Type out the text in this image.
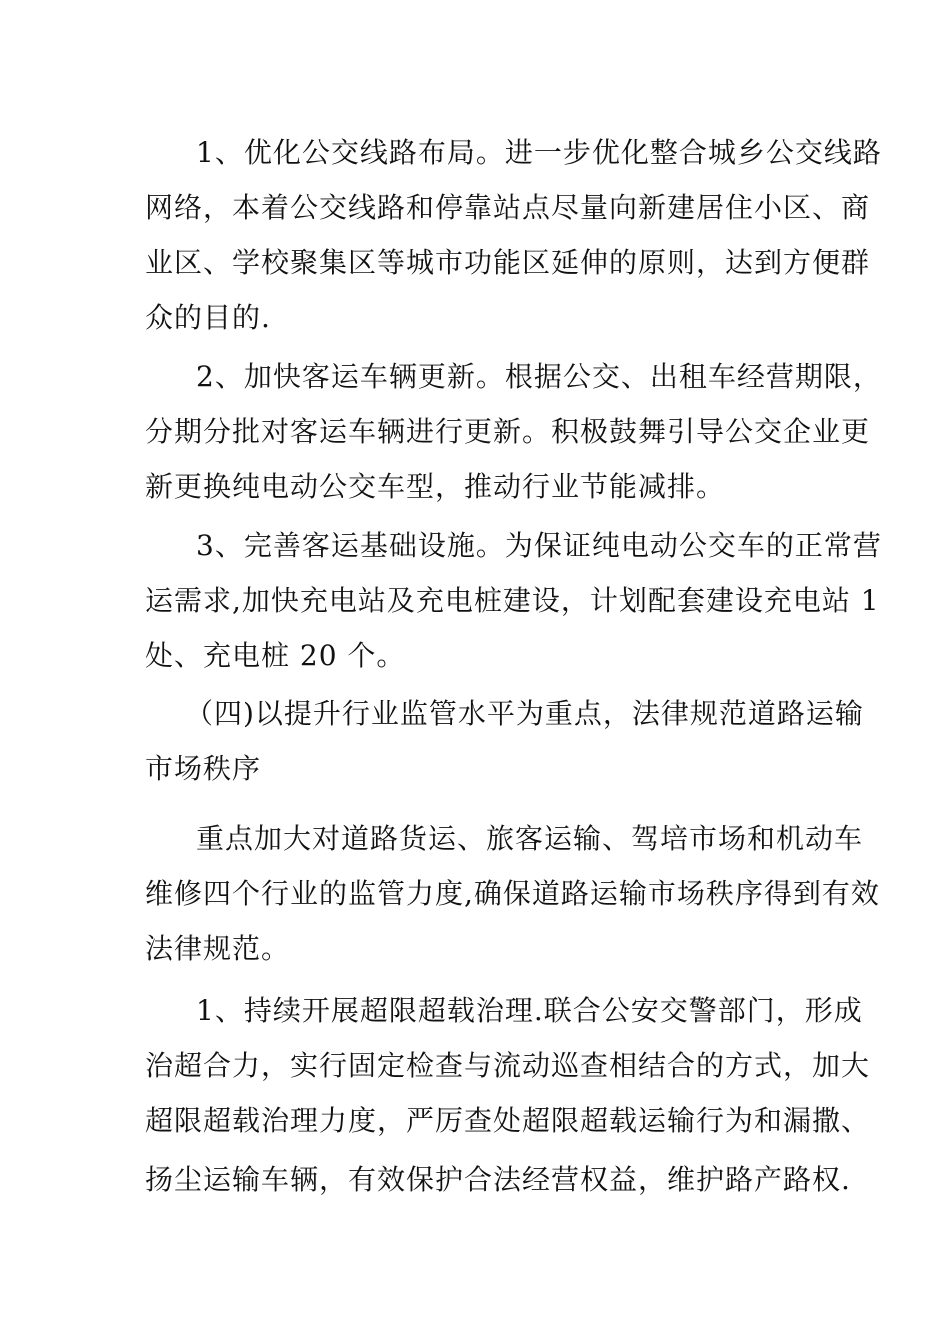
1、优化公交线路布局。进一步优化整合城乡公交线路
网络，本着公交线路和停靠站点尽量向新建居住小区、商
业区、学校聚集区等城市功能区延伸的原则，达到方便群
众的目的.
2、加快客运车辆更新。根据公交、出租车经营期限，
分期分批对客运车辆进行更新。积极鼓舞引导公交企业更
新更换纯电动公交车型，推动行业节能减排。
3、完善客运基础设施。为保证纯电动公交车的正常营
运需求,加快充电站及充电桩建设，计划配套建设充电站 1
处、充电桩 20 个。
（四)以提升行业监管水平为重点，法律规范道路运输
市场秩序
重点加大对道路货运、旅客运输、驾培市场和机动车
维修四个行业的监管力度,确保道路运输市场秩序得到有效
法律规范。
1、持续开展超限超载治理.联合公安交警部门，形成
治超合力，实行固定检查与流动巡查相结合的方式，加大
超限超载治理力度，严厉查处超限超载运输行为和漏撒、
扬尘运输车辆，有效保护合法经营权益，维护路产路权.
